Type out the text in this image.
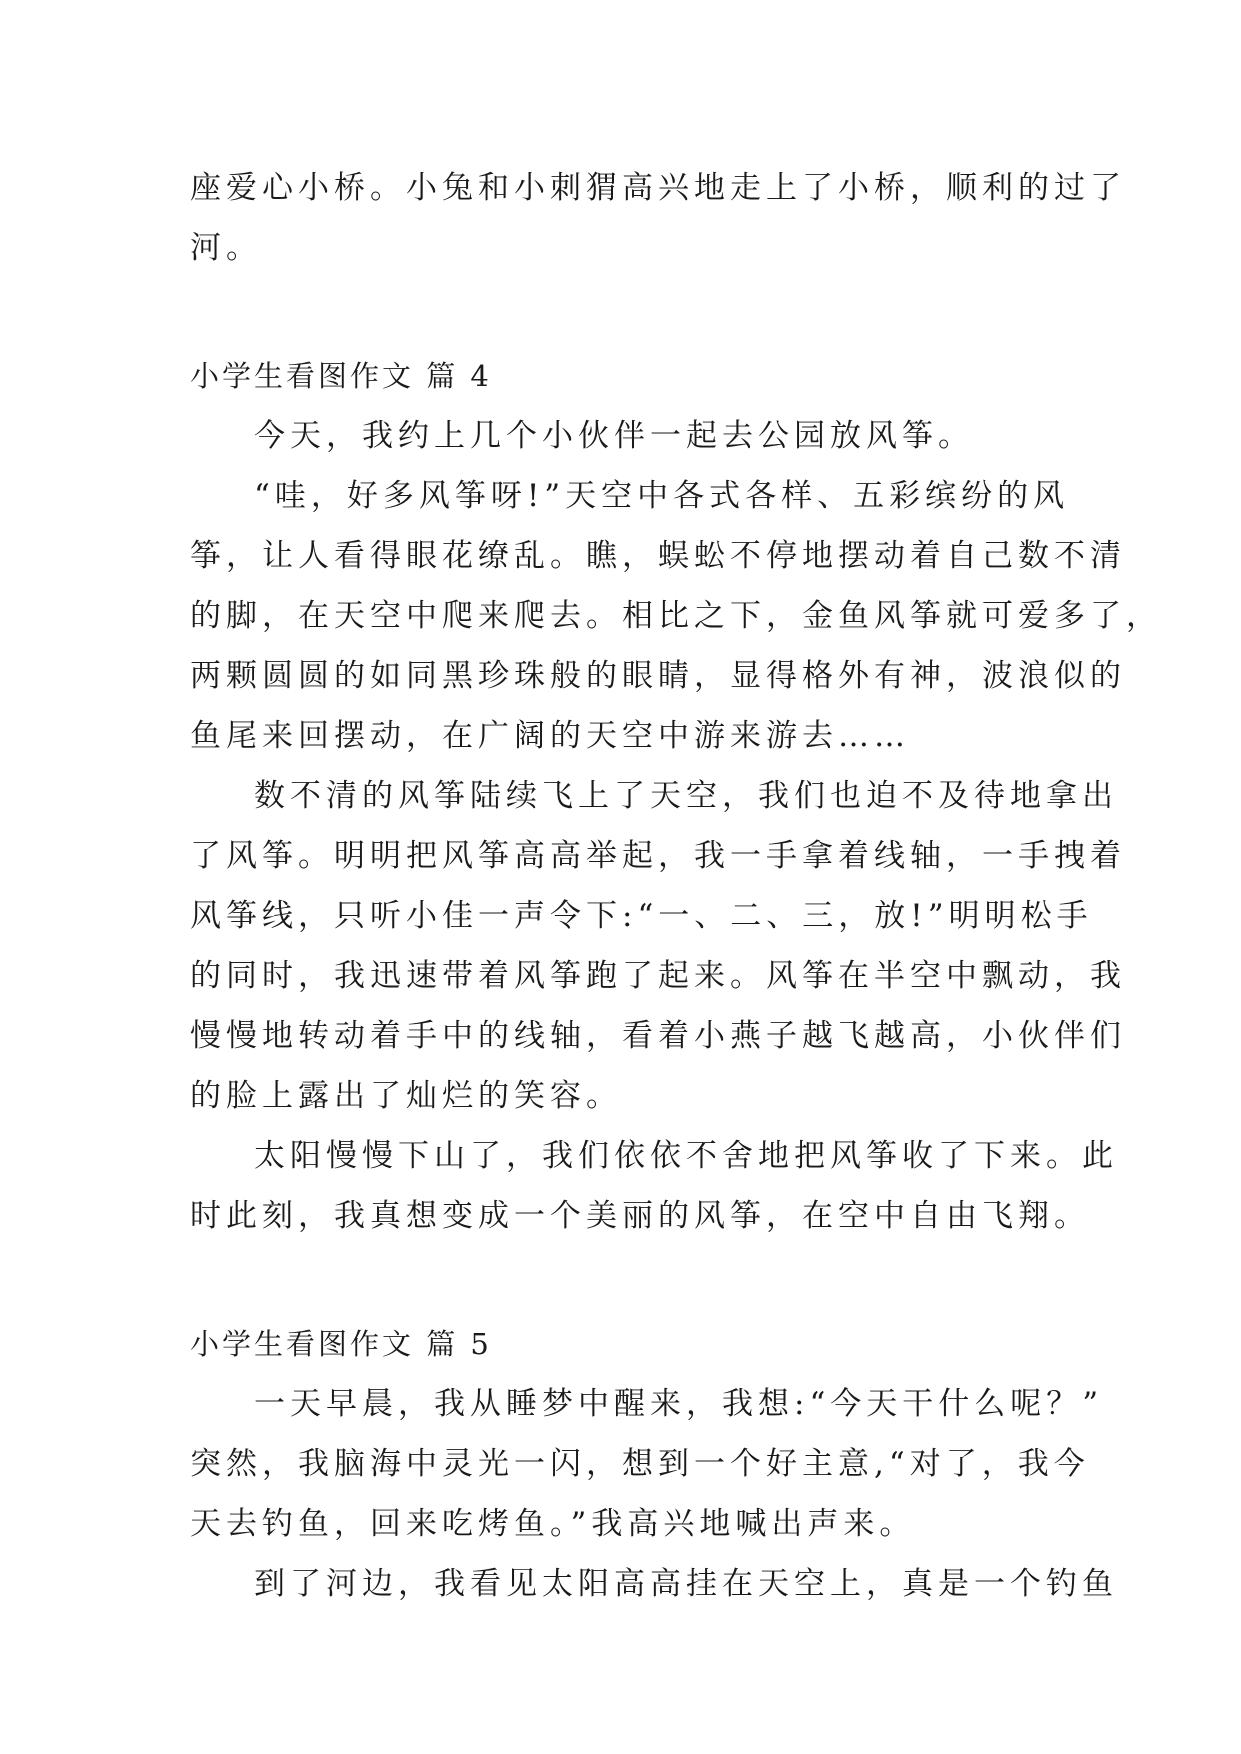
座爱心小桥。小兔和小刺猬高兴地走上了小桥，顺利的过了
河。
小学生看图作文 篇 4
今天，我约上几个小伙伴一起去公园放风筝。
“哇，好多风筝呀!”天空中各式各样、五彩缤纷的风
筝，让人看得眼花缭乱。瞧，蜈蚣不停地摆动着自己数不清
的脚，在天空中爬来爬去。相比之下，金鱼风筝就可爱多了，
两颗圆圆的如同黑珍珠般的眼睛，显得格外有神，波浪似的
鱼尾来回摆动，在广阔的天空中游来游去……
数不清的风筝陆续飞上了天空，我们也迫不及待地拿出
了风筝。明明把风筝高高举起，我一手拿着线轴，一手拽着
风筝线，只听小佳一声令下:“一、二、三，放!”明明松手
的同时，我迅速带着风筝跑了起来。风筝在半空中飘动，我
慢慢地转动着手中的线轴，看着小燕子越飞越高，小伙伴们
的脸上露出了灿烂的笑容。
太阳慢慢下山了，我们依依不舍地把风筝收了下来。此
时此刻，我真想变成一个美丽的风筝，在空中自由飞翔。
小学生看图作文 篇 5
一天早晨，我从睡梦中醒来，我想:“今天干什么呢？”
突然，我脑海中灵光一闪，想到一个好主意,“对了，我今
天去钓鱼，回来吃烤鱼。”我高兴地喊出声来。
到了河边，我看见太阳高高挂在天空上，真是一个钓鱼
